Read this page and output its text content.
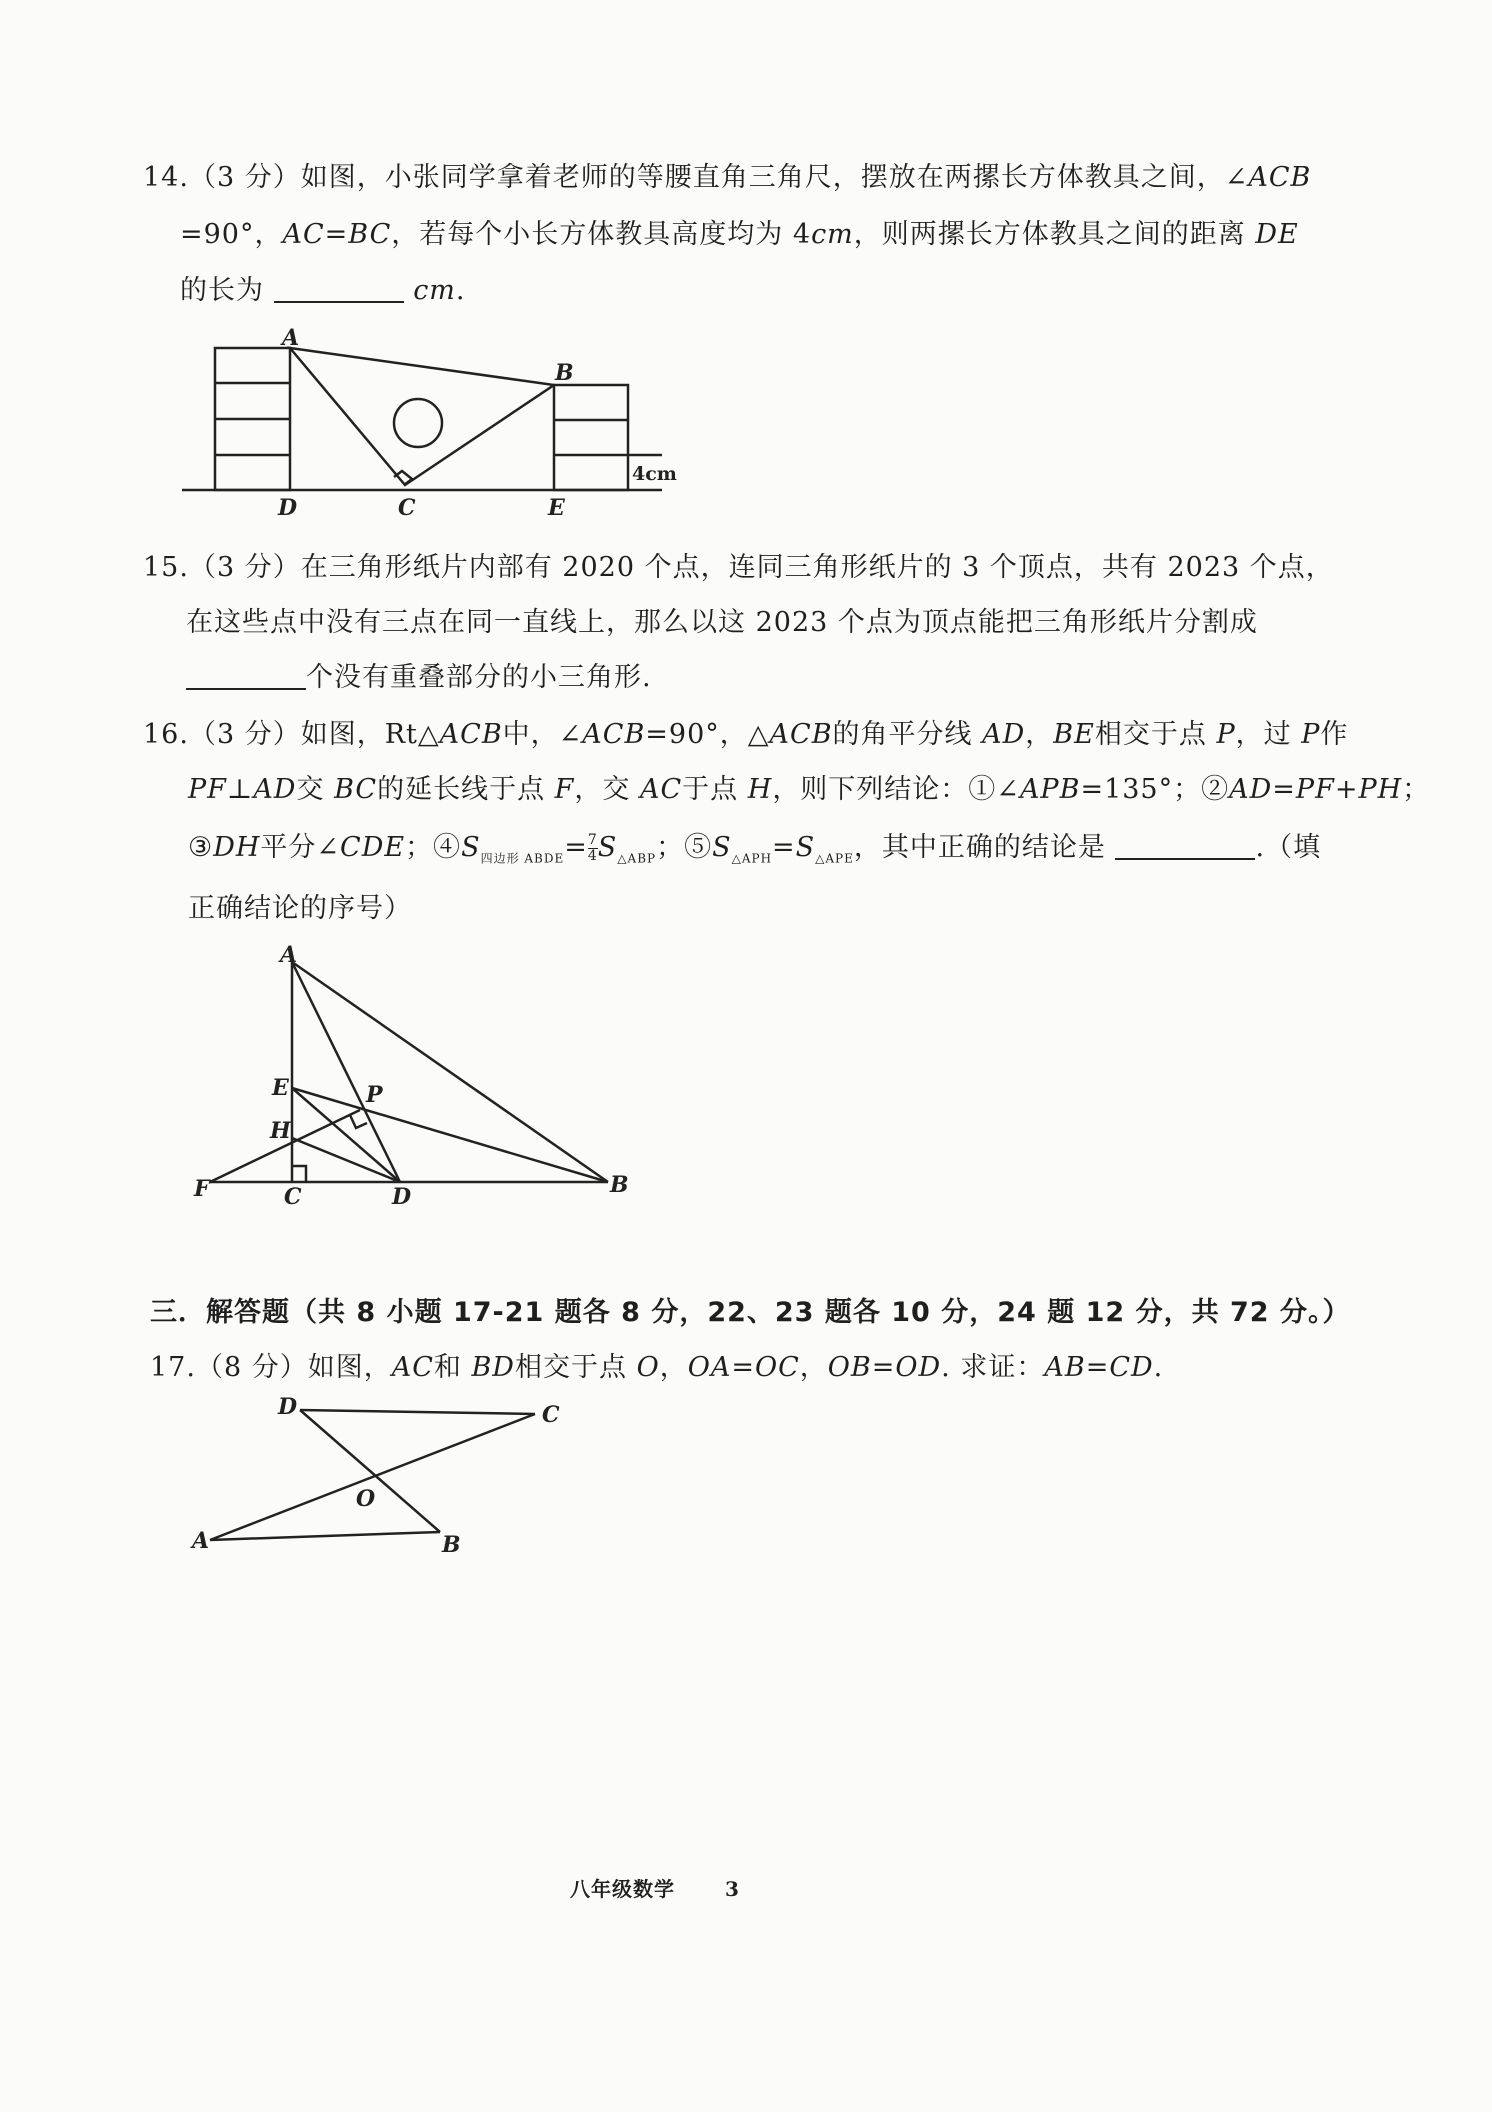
14.（3 分）如图，小张同学拿着老师的等腰直角三角尺，摆放在两摞长方体教具之间，∠ACB
=90°，AC=BC，若每个小长方体教具高度均为 4cm，则两摞长方体教具之间的距离 DE
的长为	cm.
A
B
C
D	E
4cm
15.（3 分）在三角形纸片内部有 2020 个点，连同三角形纸片的 3 个顶点，共有 2023 个点，
在这些点中没有三点在同一直线上，那么以这 2023 个点为顶点能把三角形纸片分割成
个没有重叠部分的小三角形.
16.（3 分）如图，Rt△ACB中，∠ACB=90°，△ACB的角平分线 AD，BE相交于点 P，过 P作
PF⊥AD交 BC的延长线于点 F，交 AC于点 H，则下列结论：①∠APB=135°；②AD=PF+PH；
③DH平分∠CDE；$④S_{四边形 ABDE}= \frac{7}{4} S_{\triangle ABP}$；$⑤S_{\triangle APH}=S_{\triangle APE}$，其中正确的结论是	.（填
正确结论的序号）
A
E	P
H
F	C	D	B
三．解答题（共 8 小题 17-21 题各 8 分，22、23 题各 10 分，24 题 12 分，共 72 分。）
17.（8 分）如图，AC和 BD相交于点 O，OA=OC，OB=OD. 求证：AB=CD.
D	C
O
A	B
八年级数学	3
